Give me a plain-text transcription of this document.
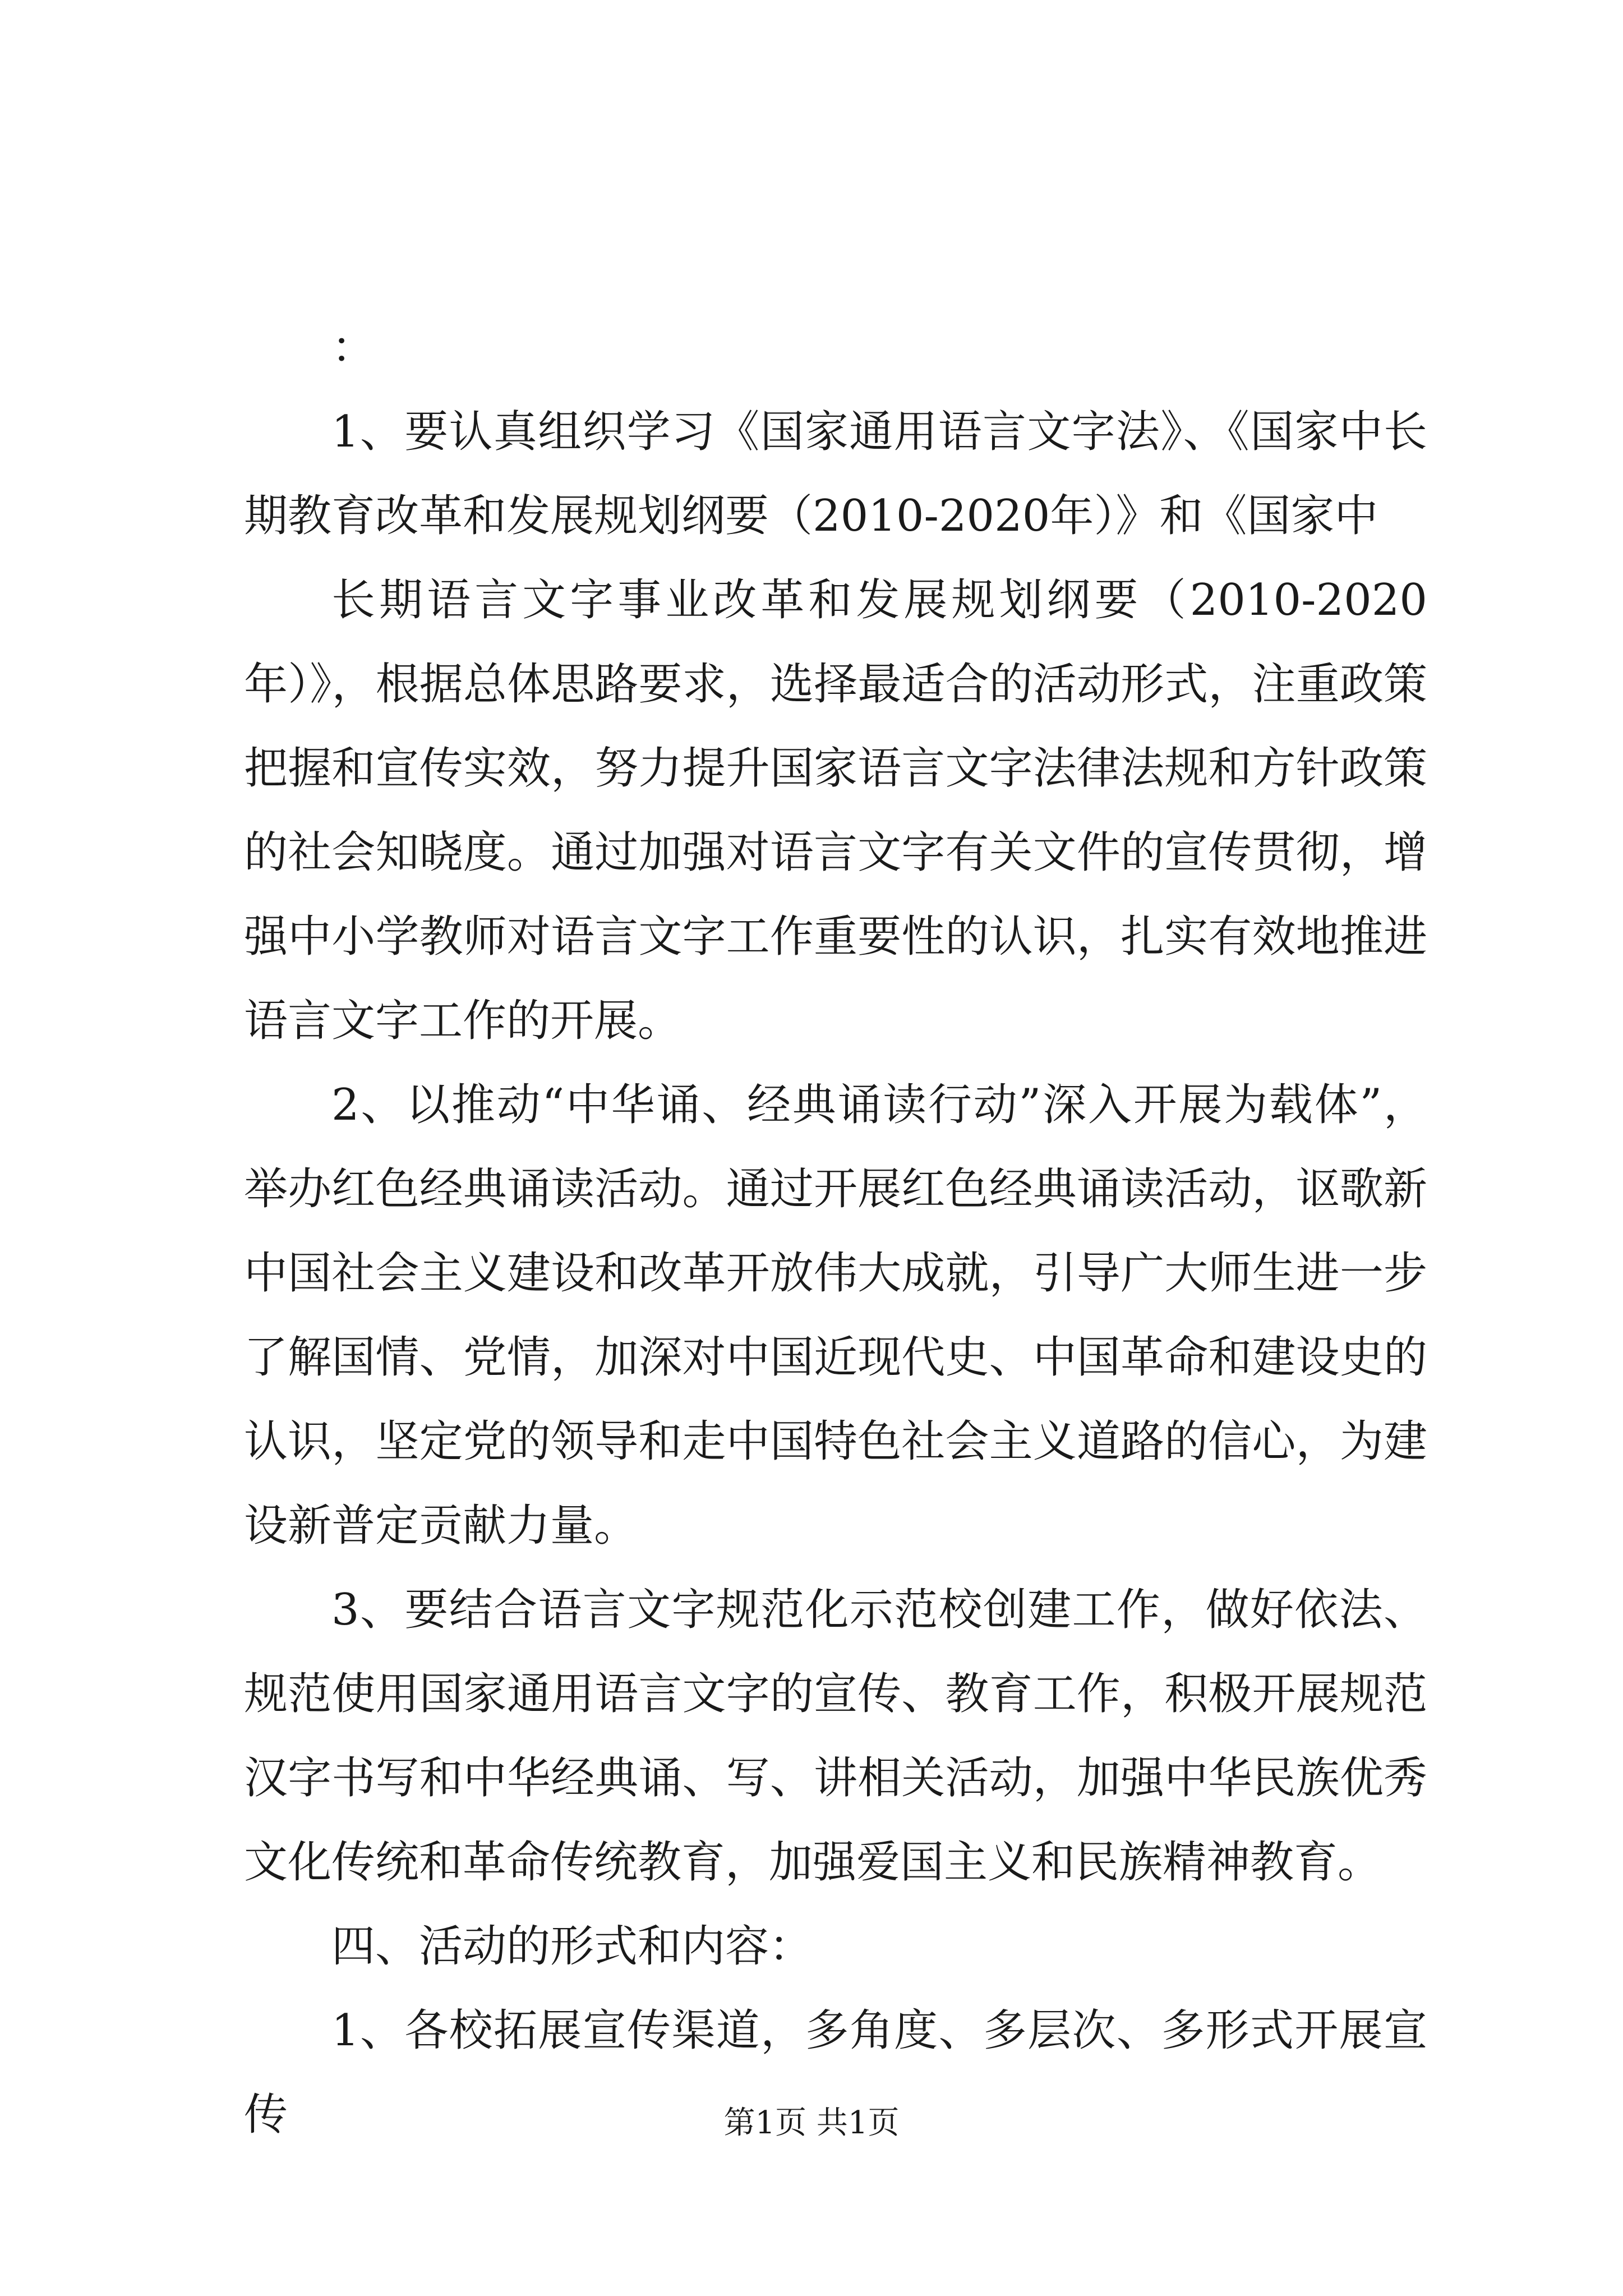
：

1、要认真组织学习《国家通用语言文字法》、《国家中长期教育改革和发展规划纲要（2010-2020年）》和《国家中

长期语言文字事业改革和发展规划纲要（2010-2020年）》，根据总体思路要求，选择最适合的活动形式，注重政策把握和宣传实效，努力提升国家语言文字法律法规和方针政策的社会知晓度。通过加强对语言文字有关文件的宣传贯彻，增强中小学教师对语言文字工作重要性的认识，扎实有效地推进语言文字工作的开展。

2、以推动“中华诵、经典诵读行动”深入开展为载体”，举办红色经典诵读活动。通过开展红色经典诵读活动，讴歌新中国社会主义建设和改革开放伟大成就，引导广大师生进一步了解国情、党情，加深对中国近现代史、中国革命和建设史的认识，坚定党的领导和走中国特色社会主义道路的信心，为建设新普定贡献力量。

3、要结合语言文字规范化示范校创建工作，做好依法、规范使用国家通用语言文字的宣传、教育工作，积极开展规范汉字书写和中华经典诵、写、讲相关活动，加强中华民族优秀文化传统和革命传统教育，加强爱国主义和民族精神教育。

四、活动的形式和内容：

1、各校拓展宣传渠道，多角度、多层次、多形式开展宣传	第1页 共1页
